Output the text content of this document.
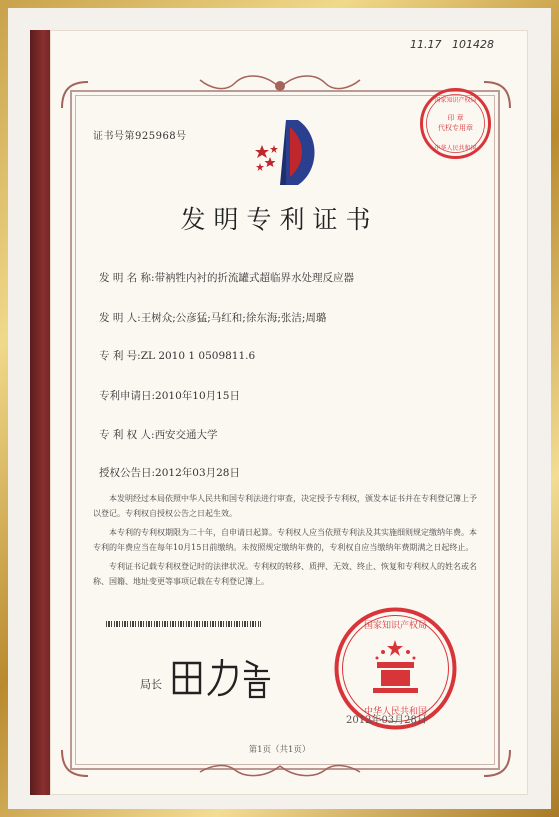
11.17 101428
证书号第925968号
印 章
代权专用章
国家知识产权局
中华人民共和国
发明专利证书
发 明 名 称:带衲牲内衬的折流罐式超临界水处理反应器
发 明 人:王树众;公彦猛;马红和;徐东海;张洁;周璐
专 利 号:ZL 2010 1 0509811.6
专利申请日:2010年10月15日
专 利 权 人:西安交通大学
授权公告日:2012年03月28日

本发明经过本局依照中华人民共和国专利法进行审查，决定授予专利权，颁发本证书并在专利登记簿上予以登记。专利权自授权公告之日起生效。

本专利的专利权期限为二十年，自申请日起算。专利权人应当依照专利法及其实施细则规定缴纳年费。本专利的年费应当在每年10月15日前缴纳。未按照规定缴纳年费的，专利权自应当缴纳年费期满之日起终止。

专利证书记载专利权登记时的法律状况。专利权的转移、质押、无效、终止、恢复和专利权人的姓名或名称、国籍、地址变更等事项记载在专利登记簿上。

局长
国家知识产权局
中华人民共和国
2012年03月28日
第1页（共1页）
